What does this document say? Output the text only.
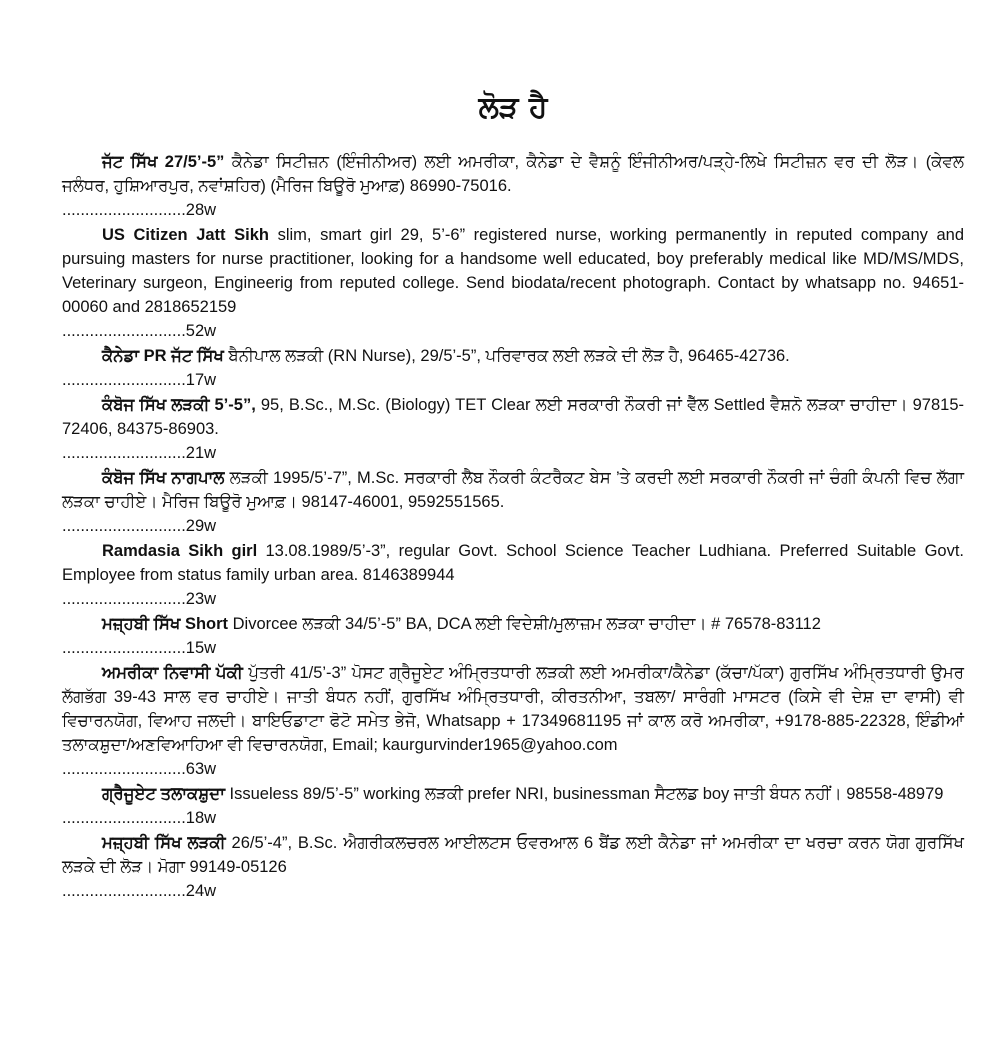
ਲੋੜ ਹੈ

ਜੱਟ ਸਿੱਖ 27/5’-5” ਕੈਨੇਡਾ ਸਿਟੀਜ਼ਨ (ਇੰਜੀਨੀਅਰ) ਲਈ ਅਮਰੀਕਾ, ਕੈਨੇਡਾ ਦੇ ਵੈਸ਼ਨੂੰ ਇੰਜੀਨੀਅਰ/ਪੜ੍ਹੇ-ਲਿਖੇ ਸਿਟੀਜ਼ਨ ਵਰ ਦੀ ਲੋੜ। (ਕੇਵਲ ਜਲੰਧਰ, ਹੁਸ਼ਿਆਰਪੁਰ, ਨਵਾਂਸ਼ਹਿਰ) (ਮੈਰਿਜ ਬਿਊਰੋ ਮੁਆਫ਼) 86990-75016.

...........................28w

US Citizen Jatt Sikh slim, smart girl 29, 5’-6” registered nurse, working permanently in reputed company and pursuing masters for nurse practitioner, looking for a handsome well educated, boy preferably medical like MD/MS/MDS, Veterinary surgeon, Engineerig from reputed college. Send biodata/recent photograph. Contact by whatsapp no. 94651-00060 and 2818652159

...........................52w

ਕੈਨੇਡਾ PR ਜੱਟ ਸਿੱਖ ਬੈਨੀਪਾਲ ਲੜਕੀ (RN Nurse), 29/5’-5”, ਪਰਿਵਾਰਕ ਲਈ ਲੜਕੇ ਦੀ ਲੋੜ ਹੈ, 96465-42736.

...........................17w

ਕੰਬੋਜ ਸਿੱਖ ਲੜਕੀ 5’-5”, 95, B.Sc., M.Sc. (Biology) TET Clear ਲਈ ਸਰਕਾਰੀ ਨੌਕਰੀ ਜਾਂ ਵੈੱਲ Settled ਵੈਸ਼ਨੋ ਲੜਕਾ ਚਾਹੀਦਾ। 97815-72406, 84375-86903.

...........................21w

ਕੰਬੋਜ ਸਿੱਖ ਨਾਗਪਾਲ ਲੜਕੀ 1995/5’-7”, M.Sc. ਸਰਕਾਰੀ ਲੈਬ ਨੌਕਰੀ ਕੰਟਰੈਕਟ ਬੇਸ ’ਤੇ ਕਰਦੀ ਲਈ ਸਰਕਾਰੀ ਨੌਕਰੀ ਜਾਂ ਚੰਗੀ ਕੰਪਨੀ ਵਿਚ ਲੱਗਾ ਲੜਕਾ ਚਾਹੀਏ। ਮੈਰਿਜ ਬਿਊਰੋ ਮੁਆਫ਼। 98147-46001, 9592551565.

...........................29w

Ramdasia Sikh girl 13.08.1989/5’-3”, regular Govt. School Science Teacher Ludhiana. Preferred Suitable Govt. Employee from status family urban area. 8146389944

...........................23w

ਮਜ਼੍ਹਬੀ ਸਿੱਖ Short Divorcee ਲੜਕੀ 34/5’-5” BA, DCA ਲਈ ਵਿਦੇਸ਼ੀ/ਮੁਲਾਜ਼ਮ ਲੜਕਾ ਚਾਹੀਦਾ। # 76578-83112

...........................15w

ਅਮਰੀਕਾ ਨਿਵਾਸੀ ਪੱਕੀ ਪੁੱਤਰੀ 41/5’-3” ਪੋਸਟ ਗ੍ਰੈਜੂਏਟ ਅੰਮ੍ਰਿਤਧਾਰੀ ਲੜਕੀ ਲਈ ਅਮਰੀਕਾ/ਕੈਨੇਡਾ (ਕੱਚਾ/ਪੱਕਾ) ਗੁਰਸਿੱਖ ਅੰਮ੍ਰਿਤਧਾਰੀ ਉਮਰ ਲੱਗਭੱਗ 39-43 ਸਾਲ ਵਰ ਚਾਹੀਏ। ਜਾਤੀ ਬੰਧਨ ਨਹੀਂ, ਗੁਰਸਿੱਖ ਅੰਮ੍ਰਿਤਧਾਰੀ, ਕੀਰਤਨੀਆ, ਤਬਲਾ/ ਸਾਰੰਗੀ ਮਾਸਟਰ (ਕਿਸੇ ਵੀ ਦੇਸ਼ ਦਾ ਵਾਸੀ) ਵੀ ਵਿਚਾਰਨਯੋਗ, ਵਿਆਹ ਜਲਦੀ। ਬਾਇਓਡਾਟਾ ਫੋਟੋ ਸਮੇਤ ਭੇਜੋ, Whatsapp + 17349681195 ਜਾਂ ਕਾਲ ਕਰੋ ਅਮਰੀਕਾ, +9178-885-22328, ਇੰਡੀਆਂ ਤਲਾਕਸ਼ੁਦਾ/ਅਣਵਿਆਹਿਆ ਵੀ ਵਿਚਾਰਨਯੋਗ, Email; kaurgurvinder1965@yahoo.com

...........................63w

ਗ੍ਰੈਜੂਏਟ ਤਲਾਕਸ਼ੁਦਾ Issueless 89/5’-5” working ਲੜਕੀ prefer NRI, businessman ਸੈਟਲਡ boy ਜਾਤੀ ਬੰਧਨ ਨਹੀਂ। 98558-48979

...........................18w

ਮਜ਼੍ਹਬੀ ਸਿੱਖ ਲੜਕੀ 26/5’-4”, B.Sc. ਐਗਰੀਕਲਚਰਲ ਆਈਲਟਸ ਓਵਰਆਲ 6 ਬੈਂਡ ਲਈ ਕੈਨੇਡਾ ਜਾਂ ਅਮਰੀਕਾ ਦਾ ਖਰਚਾ ਕਰਨ ਯੋਗ ਗੁਰਸਿੱਖ ਲੜਕੇ ਦੀ ਲੋੜ। ਮੋਗਾ 99149-05126

...........................24w
